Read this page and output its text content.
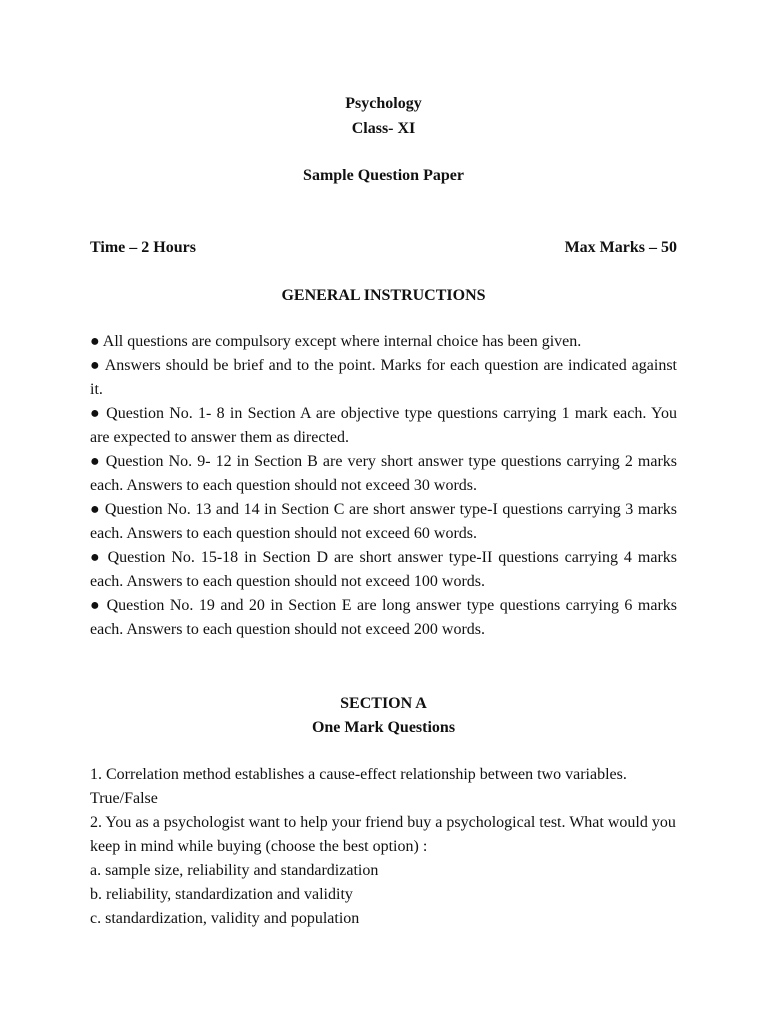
Psychology
Class- XI
Sample Question Paper
Time – 2 Hours	Max Marks – 50
GENERAL INSTRUCTIONS

● All questions are compulsory except where internal choice has been given.

● Answers should be brief and to the point. Marks for each question are indicated against it.

● Question No. 1- 8 in Section A are objective type questions carrying 1 mark each. You are expected to answer them as directed.

● Question No. 9- 12 in Section B are very short answer type questions carrying 2 marks each. Answers to each question should not exceed 30 words.

● Question No. 13 and 14 in Section C are short answer type-I questions carrying 3 marks each. Answers to each question should not exceed 60 words.

● Question No. 15-18 in Section D are short answer type-II questions carrying 4 marks each. Answers to each question should not exceed 100 words.

● Question No. 19 and 20 in Section E are long answer type questions carrying 6 marks each. Answers to each question should not exceed 200 words.

SECTION A
One Mark Questions

1. Correlation method establishes a cause-effect relationship between two variables. True/False

2. You as a psychologist want to help your friend buy a psychological test. What would you keep in mind while buying (choose the best option) :

a. sample size, reliability and standardization

b. reliability, standardization and validity

c. standardization, validity and population
